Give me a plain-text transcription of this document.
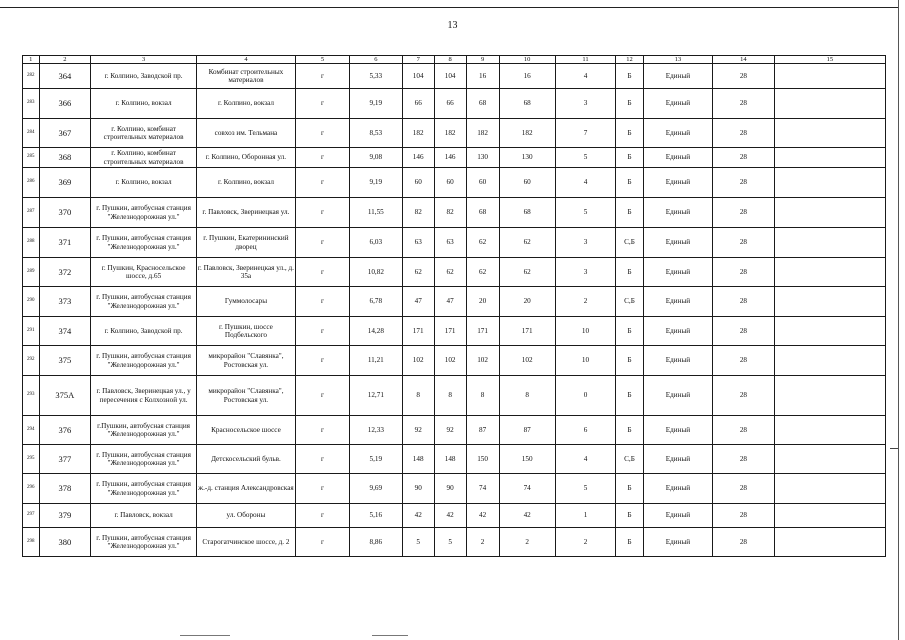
13
1	2	3	4	5	6	7	8	9	10	11	12	13	14	15
282	364	г. Колпино, Заводской пр.	Комбинат строительных материалов	г	5,33	104	104	16	16	4	Б	Единый	28	
283	366	г. Колпино, вокзал	г. Колпино, вокзал	г	9,19	66	66	68	68	3	Б	Единый	28	
284	367	г. Колпино, комбинат строительных материалов	совхоз им. Тельмана	г	8,53	182	182	182	182	7	Б	Единый	28	
285	368	г. Колпино, комбинат строительных материалов	г. Колпино, Оборонная ул.	г	9,08	146	146	130	130	5	Б	Единый	28	
286	369	г. Колпино, вокзал	г. Колпино, вокзал	г	9,19	60	60	60	60	4	Б	Единый	28	
287	370	г. Пушкин, автобусная станция "Железнодорожная ул."	г. Павловск, Зверинецкая ул.	г	11,55	82	82	68	68	5	Б	Единый	28	
288	371	г. Пушкин, автобусная станция "Железнодорожная ул."	г. Пушкин, Екатерининский дворец	г	6,03	63	63	62	62	3	С,Б	Единый	28	
289	372	г. Пушкин, Красносельское шоссе, д.65	г. Павловск, Зверинецкая ул., д. 35а	г	10,82	62	62	62	62	3	Б	Единый	28	
290	373	г. Пушкин, автобусная станция "Железнодорожная ул."	Гуммолосары	г	6,78	47	47	20	20	2	С,Б	Единый	28	
291	374	г. Колпино, Заводской пр.	г. Пушкин, шоссе Подбельского	г	14,28	171	171	171	171	10	Б	Единый	28	
292	375	г. Пушкин, автобусная станция "Железнодорожная ул."	микрорайон "Славянка", Ростовская ул.	г	11,21	102	102	102	102	10	Б	Единый	28	
293	375А	г. Павловск, Зверинецкая ул., у пересечения с Колхозной ул.	микрорайон "Славянка", Ростовская ул.	г	12,71	8	8	8	8	0	Б	Единый	28	
294	376	г.Пушкин, автобусная станция "Железнодорожная ул."	Красносельское шоссе	г	12,33	92	92	87	87	6	Б	Единый	28	
295	377	г. Пушкин, автобусная станция "Железнодорожная ул."	Детскосельский бульв.	г	5,19	148	148	150	150	4	С,Б	Единый	28	
296	378	г. Пушкин, автобусная станция "Железнодорожная ул."	ж.-д. станция Александровская	г	9,69	90	90	74	74	5	Б	Единый	28	
297	379	г. Павловск, вокзал	ул. Обороны	г	5,16	42	42	42	42	1	Б	Единый	28	
298	380	г. Пушкин, автобусная станция "Железнодорожная ул."	Старогатчинское шоссе, д. 2	г	8,86	5	5	2	2	2	Б	Единый	28	
